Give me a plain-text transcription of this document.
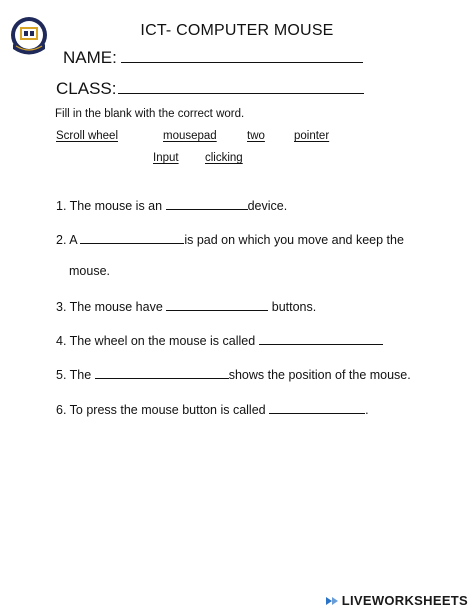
ICT- COMPUTER MOUSE
NAME:
CLASS:
Fill in the blank with the correct word.
Scroll wheel	mousepad	two	pointer
Input clicking
1. The mouse is an	device.
2. A	is pad on which you move and keep the
mouse.
3. The mouse have	buttons.
4. The wheel on the mouse is called
5. The	shows the position of the mouse.
6. To press the mouse button is called	.
LIVEWORKSHEETS
